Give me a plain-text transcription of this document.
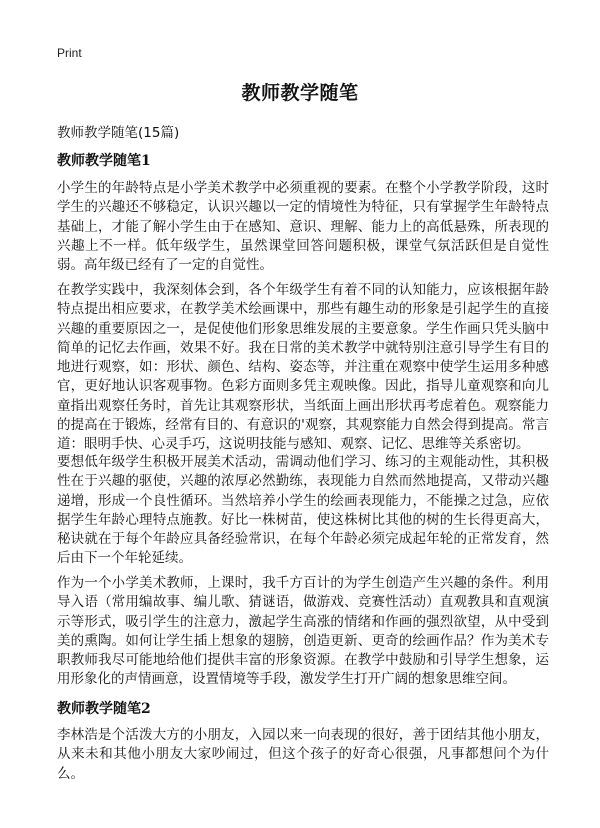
Print
教师教学随笔

教师教学随笔(15篇)

教师教学随笔1

小学生的年龄特点是小学美术教学中必须重视的要素。在整个小学教学阶段，这时学生的兴趣还不够稳定，认识兴趣以一定的情境性为特征，只有掌握学生年龄特点基础上，才能了解小学生由于在感知、意识、理解、能力上的高低悬殊，所表现的兴趣上不一样。低年级学生，虽然课堂回答问题积极，课堂气氛活跃但是自觉性弱。高年级已经有了一定的自觉性。

在教学实践中，我深刻体会到，各个年级学生有着不同的认知能力，应该根据年龄特点提出相应要求，在教学美术绘画课中，那些有趣生动的形象是引起学生的直接兴趣的重要原因之一，是促使他们形象思维发展的主要意象。学生作画只凭头脑中简单的记忆去作画，效果不好。我在日常的美术教学中就特别注意引导学生有目的地进行观察，如：形状、颜色、结构、姿态等，并注重在观察中使学生运用多种感官，更好地认识客观事物。色彩方面则多凭主观映像。因此，指导儿童观察和向儿童指出观察任务时，首先让其观察形状，当纸面上画出形状再考虑着色。观察能力的提高在于锻炼，经常有目的、有意识的'观察，其观察能力自然会得到提高。常言道：眼明手快、心灵手巧，这说明技能与感知、观察、记忆、思维等关系密切。

要想低年级学生积极开展美术活动，需调动他们学习、练习的主观能动性，其积极性在于兴趣的驱使，兴趣的浓厚必然勤练，表现能力自然而然地提高，又带动兴趣递增，形成一个良性循环。当然培养小学生的绘画表现能力，不能操之过急，应依据学生年龄心理特点施教。好比一株树苗，使这株树比其他的树的生长得更高大，秘诀就在于每个年龄应具备经验常识，在每个年龄必须完成起年轮的正常发育，然后由下一个年轮延续。

作为一个小学美术教师，上课时，我千方百计的为学生创造产生兴趣的条件。利用导入语（常用编故事、编儿歌、猜谜语，做游戏、竞赛性活动）直观教具和直观演示等形式，吸引学生的注意力，激起学生高涨的情绪和作画的强烈欲望，从中受到美的熏陶。如何让学生插上想象的翅膀，创造更新、更奇的绘画作品？作为美术专职教师我尽可能地给他们提供丰富的形象资源。在教学中鼓励和引导学生想象，运用形象化的声情画意，设置情境等手段，激发学生打开广阔的想象思维空间。

教师教学随笔2

李林浩是个活泼大方的小朋友，入园以来一向表现的很好，善于团结其他小朋友，从来未和其他小朋友大家吵闹过，但这个孩子的好奇心很强，凡事都想问个为什么。
